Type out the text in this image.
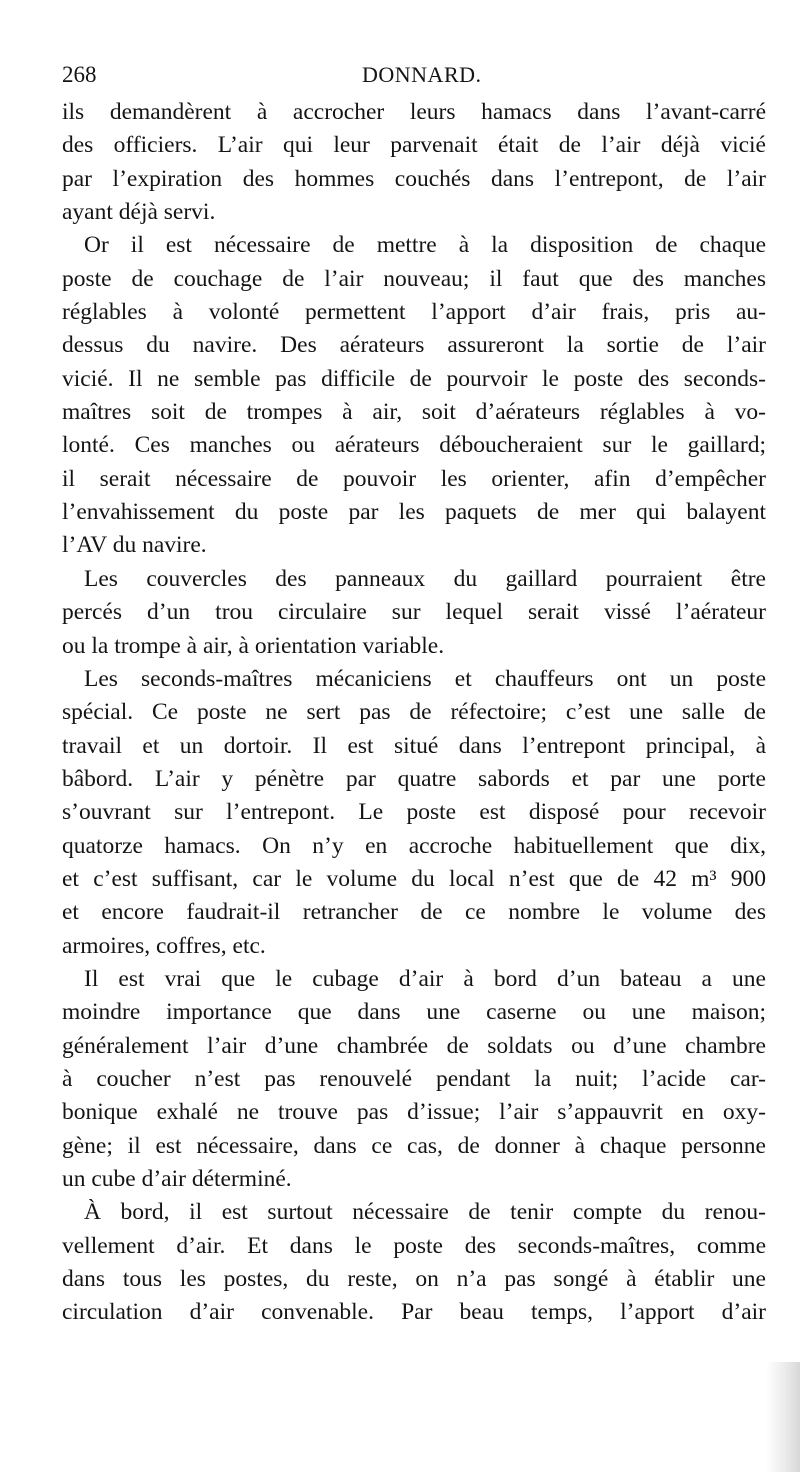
268	DONNARD.
ils demandèrent à accrocher leurs hamacs dans l’avant-carré
des officiers. L’air qui leur parvenait était de l’air déjà vicié
par l’expiration des hommes couchés dans l’entrepont, de l’air
ayant déjà servi.
Or il est nécessaire de mettre à la disposition de chaque
poste de couchage de l’air nouveau; il faut que des manches
réglables à volonté permettent l’apport d’air frais, pris au-
dessus du navire. Des aérateurs assureront la sortie de l’air
vicié. Il ne semble pas difficile de pourvoir le poste des seconds-
maîtres soit de trompes à air, soit d’aérateurs réglables à vo-
lonté. Ces manches ou aérateurs déboucheraient sur le gaillard;
il serait nécessaire de pouvoir les orienter, afin d’empêcher
l’envahissement du poste par les paquets de mer qui balayent
l’AV du navire.
Les couvercles des panneaux du gaillard pourraient être
percés d’un trou circulaire sur lequel serait vissé l’aérateur
ou la trompe à air, à orientation variable.
Les seconds-maîtres mécaniciens et chauffeurs ont un poste
spécial. Ce poste ne sert pas de réfectoire; c’est une salle de
travail et un dortoir. Il est situé dans l’entrepont principal, à
bâbord. L’air y pénètre par quatre sabords et par une porte
s’ouvrant sur l’entrepont. Le poste est disposé pour recevoir
quatorze hamacs. On n’y en accroche habituellement que dix,
et c’est suffisant, car le volume du local n’est que de 42 m³ 900
et encore faudrait-il retrancher de ce nombre le volume des
armoires, coffres, etc.
Il est vrai que le cubage d’air à bord d’un bateau a une
moindre importance que dans une caserne ou une maison;
généralement l’air d’une chambrée de soldats ou d’une chambre
à coucher n’est pas renouvelé pendant la nuit; l’acide car-
bonique exhalé ne trouve pas d’issue; l’air s’appauvrit en oxy-
gène; il est nécessaire, dans ce cas, de donner à chaque personne
un cube d’air déterminé.
À bord, il est surtout nécessaire de tenir compte du renou-
vellement d’air. Et dans le poste des seconds-maîtres, comme
dans tous les postes, du reste, on n’a pas songé à établir une
circulation d’air convenable. Par beau temps, l’apport d’air
